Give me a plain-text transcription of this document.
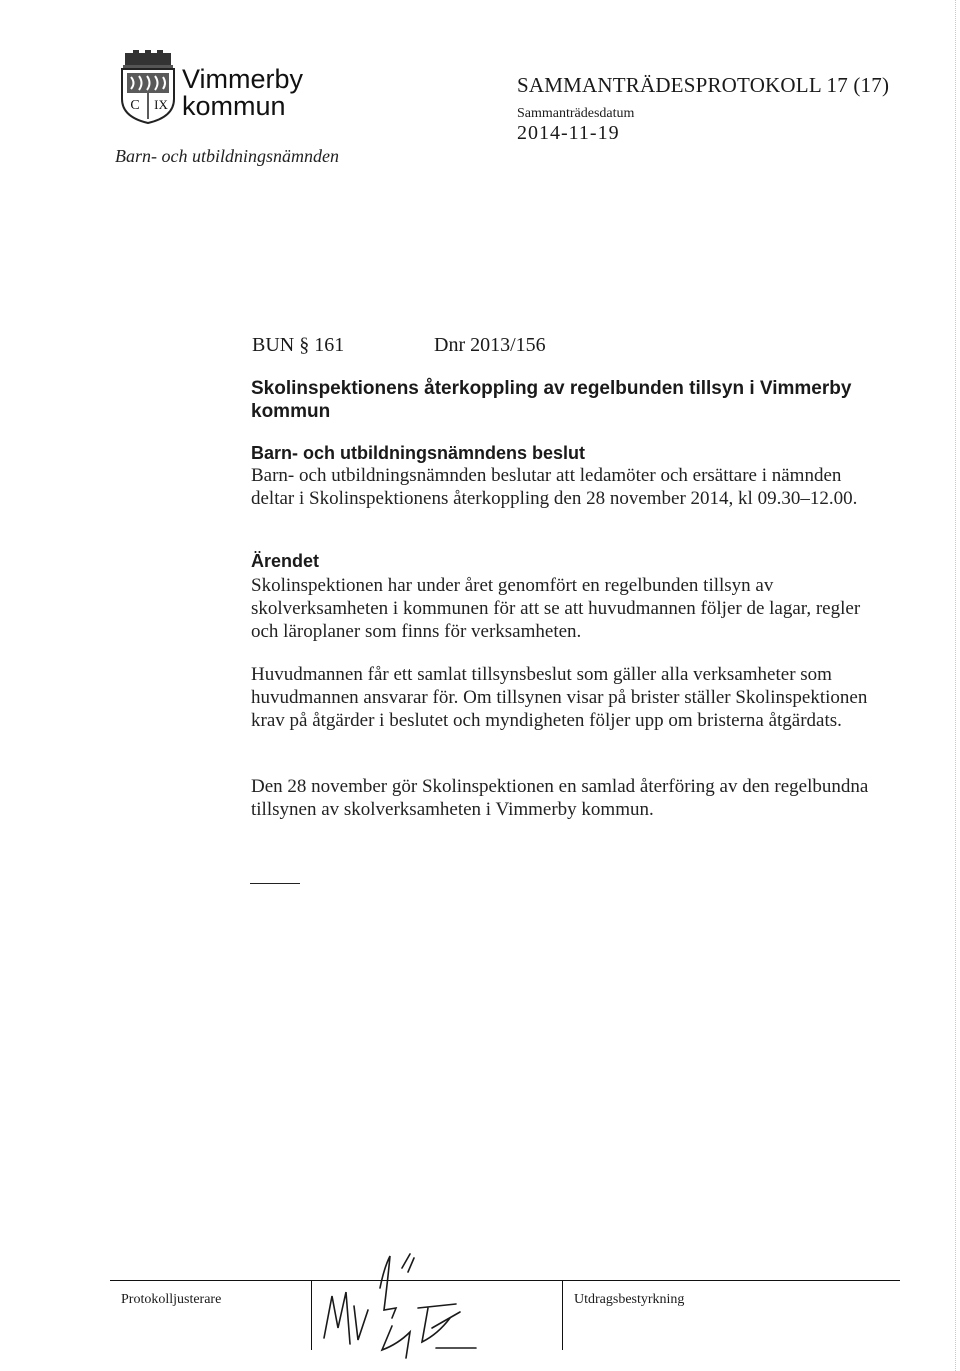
C IX
Vimmerby
kommun
Barn- och utbildningsnämnden
SAMMANTRÄDESPROTOKOLL 17 (17)
Sammanträdesdatum
2014-11-19
BUN § 161	Dnr 2013/156
Skolinspektionens återkoppling av regelbunden tillsyn i Vimmerby kommun
Barn- och utbildningsnämndens beslut
Barn- och utbildningsnämnden beslutar att ledamöter och ersättare i nämnden deltar i Skolinspektionens återkoppling den 28 november 2014, kl 09.30–12.00.
Ärendet
Skolinspektionen har under året genomfört en regelbunden tillsyn av skolverksamheten i kommunen för att se att huvudmannen följer de lagar, regler och läroplaner som finns för verksamheten.
Huvudmannen får ett samlat tillsynsbeslut som gäller alla verksamheter som huvudmannen ansvarar för. Om tillsynen visar på brister ställer Skolinspektionen krav på åtgärder i beslutet och myndigheten följer upp om bristerna åtgärdats.
Den 28 november gör Skolinspektionen en samlad återföring av den regelbundna tillsynen av skolverksamheten i Vimmerby kommun.
Protokolljusterare	Utdragsbestyrkning
